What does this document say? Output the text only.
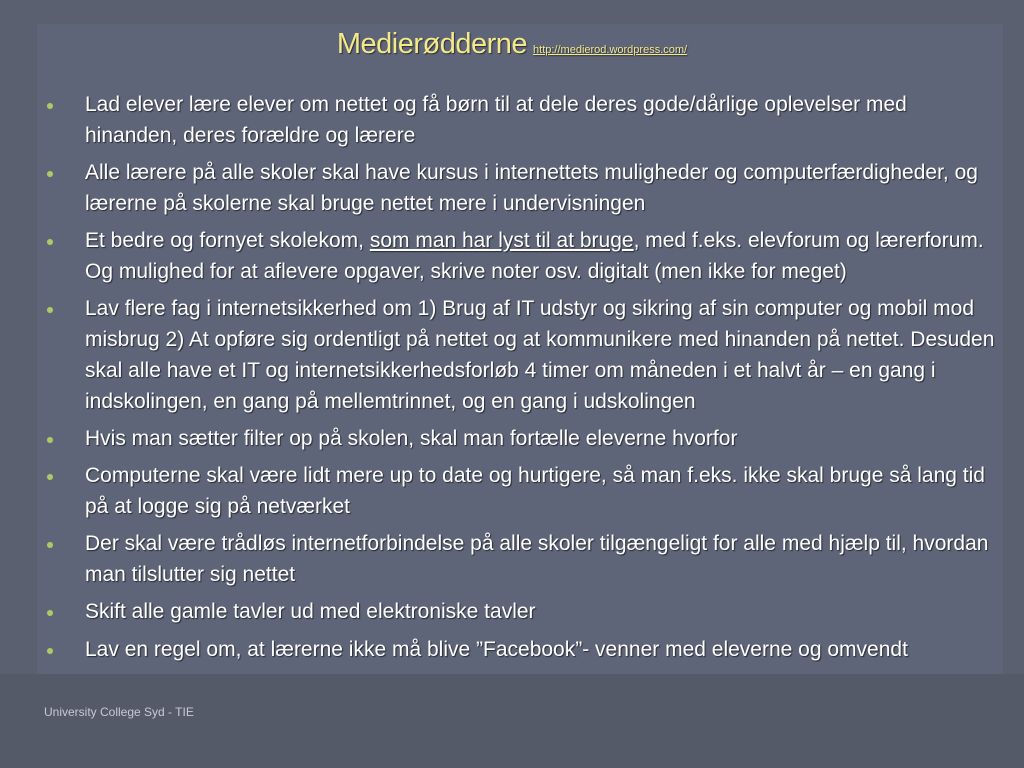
Medierødderne http://medierod.wordpress.com/
Lad elever lære elever om nettet og få børn til at dele deres gode/dårlige oplevelser med hinanden, deres forældre og lærere
Alle lærere på alle skoler skal have kursus i internettets muligheder og computerfærdigheder, og lærerne på skolerne skal bruge nettet mere i undervisningen
Et bedre og fornyet skolekom, som man har lyst til at bruge, med f.eks. elevforum og lærerforum. Og mulighed for at aflevere opgaver, skrive noter osv. digitalt (men ikke for meget)
Lav flere fag i internetsikkerhed om 1) Brug af IT udstyr og sikring af sin computer og mobil mod misbrug 2) At opføre sig ordentligt på nettet og at kommunikere med hinanden på nettet. Desuden skal alle have et IT og internetsikkerhedsforløb 4 timer om måneden i et halvt år – en gang i indskolingen, en gang på mellemtrinnet, og en gang i udskolingen
Hvis man sætter filter op på skolen, skal man fortælle eleverne hvorfor
Computerne skal være lidt mere up to date og hurtigere, så man f.eks. ikke skal bruge så lang tid på at logge sig på netværket
Der skal være trådløs internetforbindelse på alle skoler tilgængeligt for alle med hjælp til, hvordan man tilslutter sig nettet
Skift alle gamle tavler ud med elektroniske tavler
Lav en regel om, at lærerne ikke må blive ”Facebook”- venner med eleverne og omvendt
University College Syd - TIE
